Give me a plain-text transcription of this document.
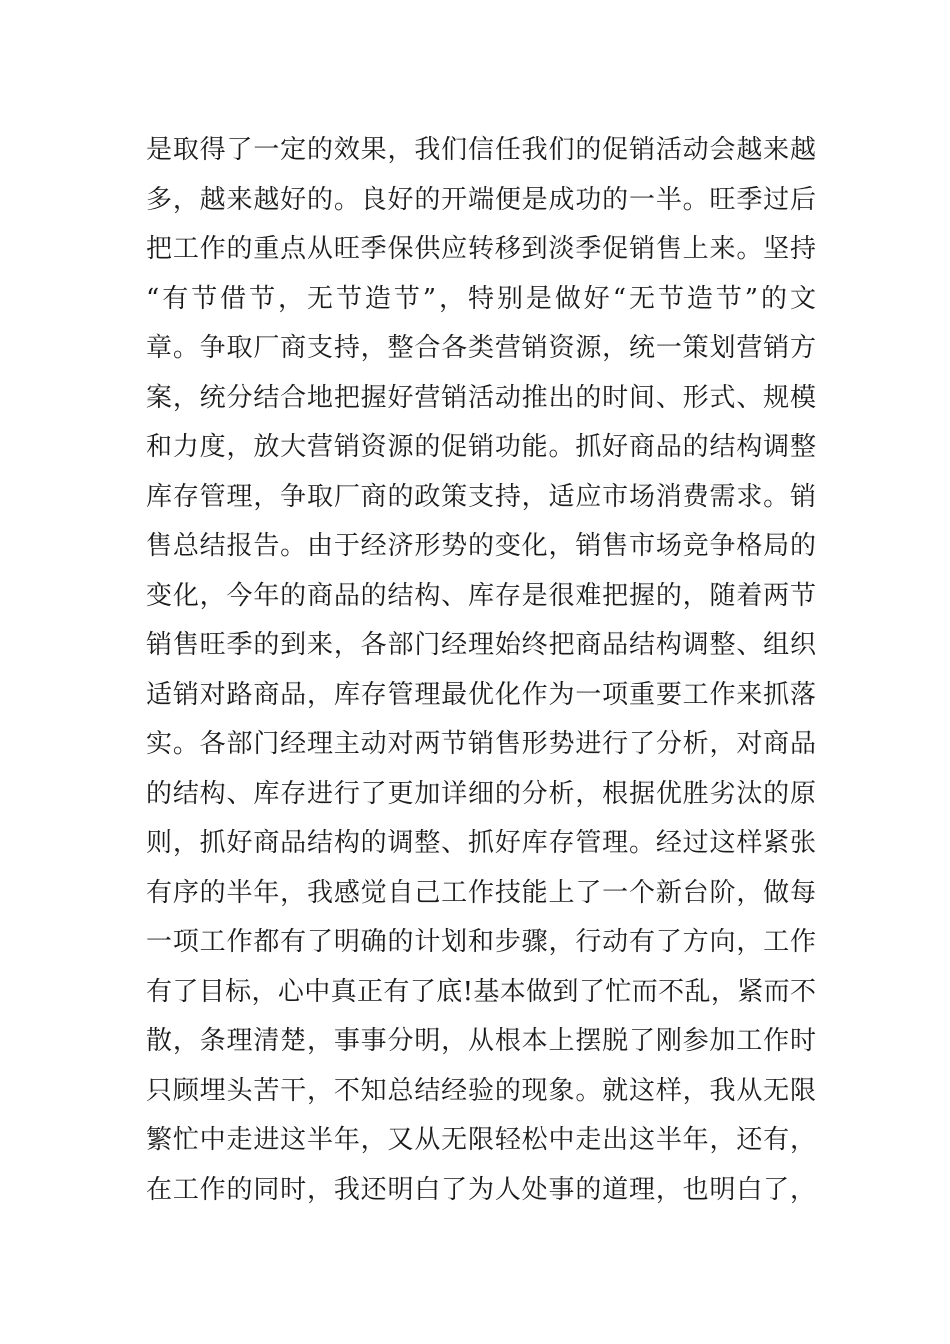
是取得了一定的效果，我们信任我们的促销活动会越来越
多，越来越好的。良好的开端便是成功的一半。旺季过后
把工作的重点从旺季保供应转移到淡季促销售上来。坚持
“有节借节，无节造节”，特别是做好“无节造节”的文
章。争取厂商支持，整合各类营销资源，统一策划营销方
案，统分结合地把握好营销活动推出的时间、形式、规模
和力度，放大营销资源的促销功能。抓好商品的结构调整
库存管理，争取厂商的政策支持，适应市场消费需求。销
售总结报告。由于经济形势的变化，销售市场竞争格局的
变化，今年的商品的结构、库存是很难把握的，随着两节
销售旺季的到来，各部门经理始终把商品结构调整、组织
适销对路商品，库存管理最优化作为一项重要工作来抓落
实。各部门经理主动对两节销售形势进行了分析，对商品
的结构、库存进行了更加详细的分析，根据优胜劣汰的原
则，抓好商品结构的调整、抓好库存管理。经过这样紧张
有序的半年，我感觉自己工作技能上了一个新台阶，做每
一项工作都有了明确的计划和步骤，行动有了方向，工作
有了目标，心中真正有了底!基本做到了忙而不乱，紧而不
散，条理清楚，事事分明，从根本上摆脱了刚参加工作时
只顾埋头苦干，不知总结经验的现象。就这样，我从无限
繁忙中走进这半年，又从无限轻松中走出这半年，还有，
在工作的同时，我还明白了为人处事的道理，也明白了，
